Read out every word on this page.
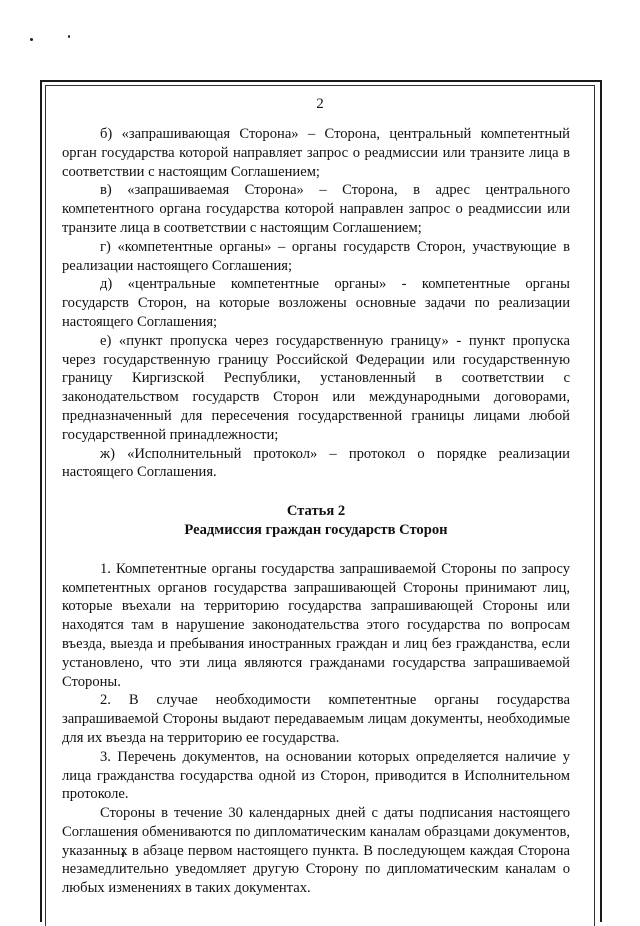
2

б) «запрашивающая Сторона» – Сторона, центральный компетентный орган государства которой направляет запрос о реадмиссии или транзите лица в соответствии с настоящим Соглашением;

в) «запрашиваемая Сторона» – Сторона, в адрес центрального компетентного органа государства которой направлен запрос о реадмиссии или транзите лица в соответствии с настоящим Соглашением;

г) «компетентные органы» – органы государств Сторон, участвующие в реализации настоящего Соглашения;

д) «центральные компетентные органы» - компетентные органы государств Сторон, на которые возложены основные задачи по реализации настоящего Соглашения;

е) «пункт пропуска через государственную границу» - пункт пропуска через государственную границу Российской Федерации или государственную границу Киргизской Республики, установленный в соответствии с законодательством государств Сторон или международными договорами, предназначенный для пересечения государственной границы лицами любой государственной принадлежности;

ж) «Исполнительный протокол» – протокол о порядке реализации настоящего Соглашения.

Статья 2
Реадмиссия граждан государств Сторон

1. Компетентные органы государства запрашиваемой Стороны по запросу компетентных органов государства запрашивающей Стороны принимают лиц, которые въехали на территорию государства запрашивающей Стороны или находятся там в нарушение законодательства этого государства по вопросам въезда, выезда и пребывания иностранных граждан и лиц без гражданства, если установлено, что эти лица являются гражданами государства запрашиваемой Стороны.

2. В случае необходимости компетентные органы государства запрашиваемой Стороны выдают передаваемым лицам документы, необходимые для их въезда на территорию ее государства.

3. Перечень документов, на основании которых определяется наличие у лица гражданства государства одной из Сторон, приводится в Исполнительном протоколе.

Стороны в течение 30 календарных дней с даты подписания настоящего Соглашения обмениваются по дипломатическим каналам образцами документов, указанных в абзаце первом настоящего пункта. В последующем каждая Сторона незамедлительно уведомляет другую Сторону по дипломатическим каналам о любых изменениях в таких документах.
